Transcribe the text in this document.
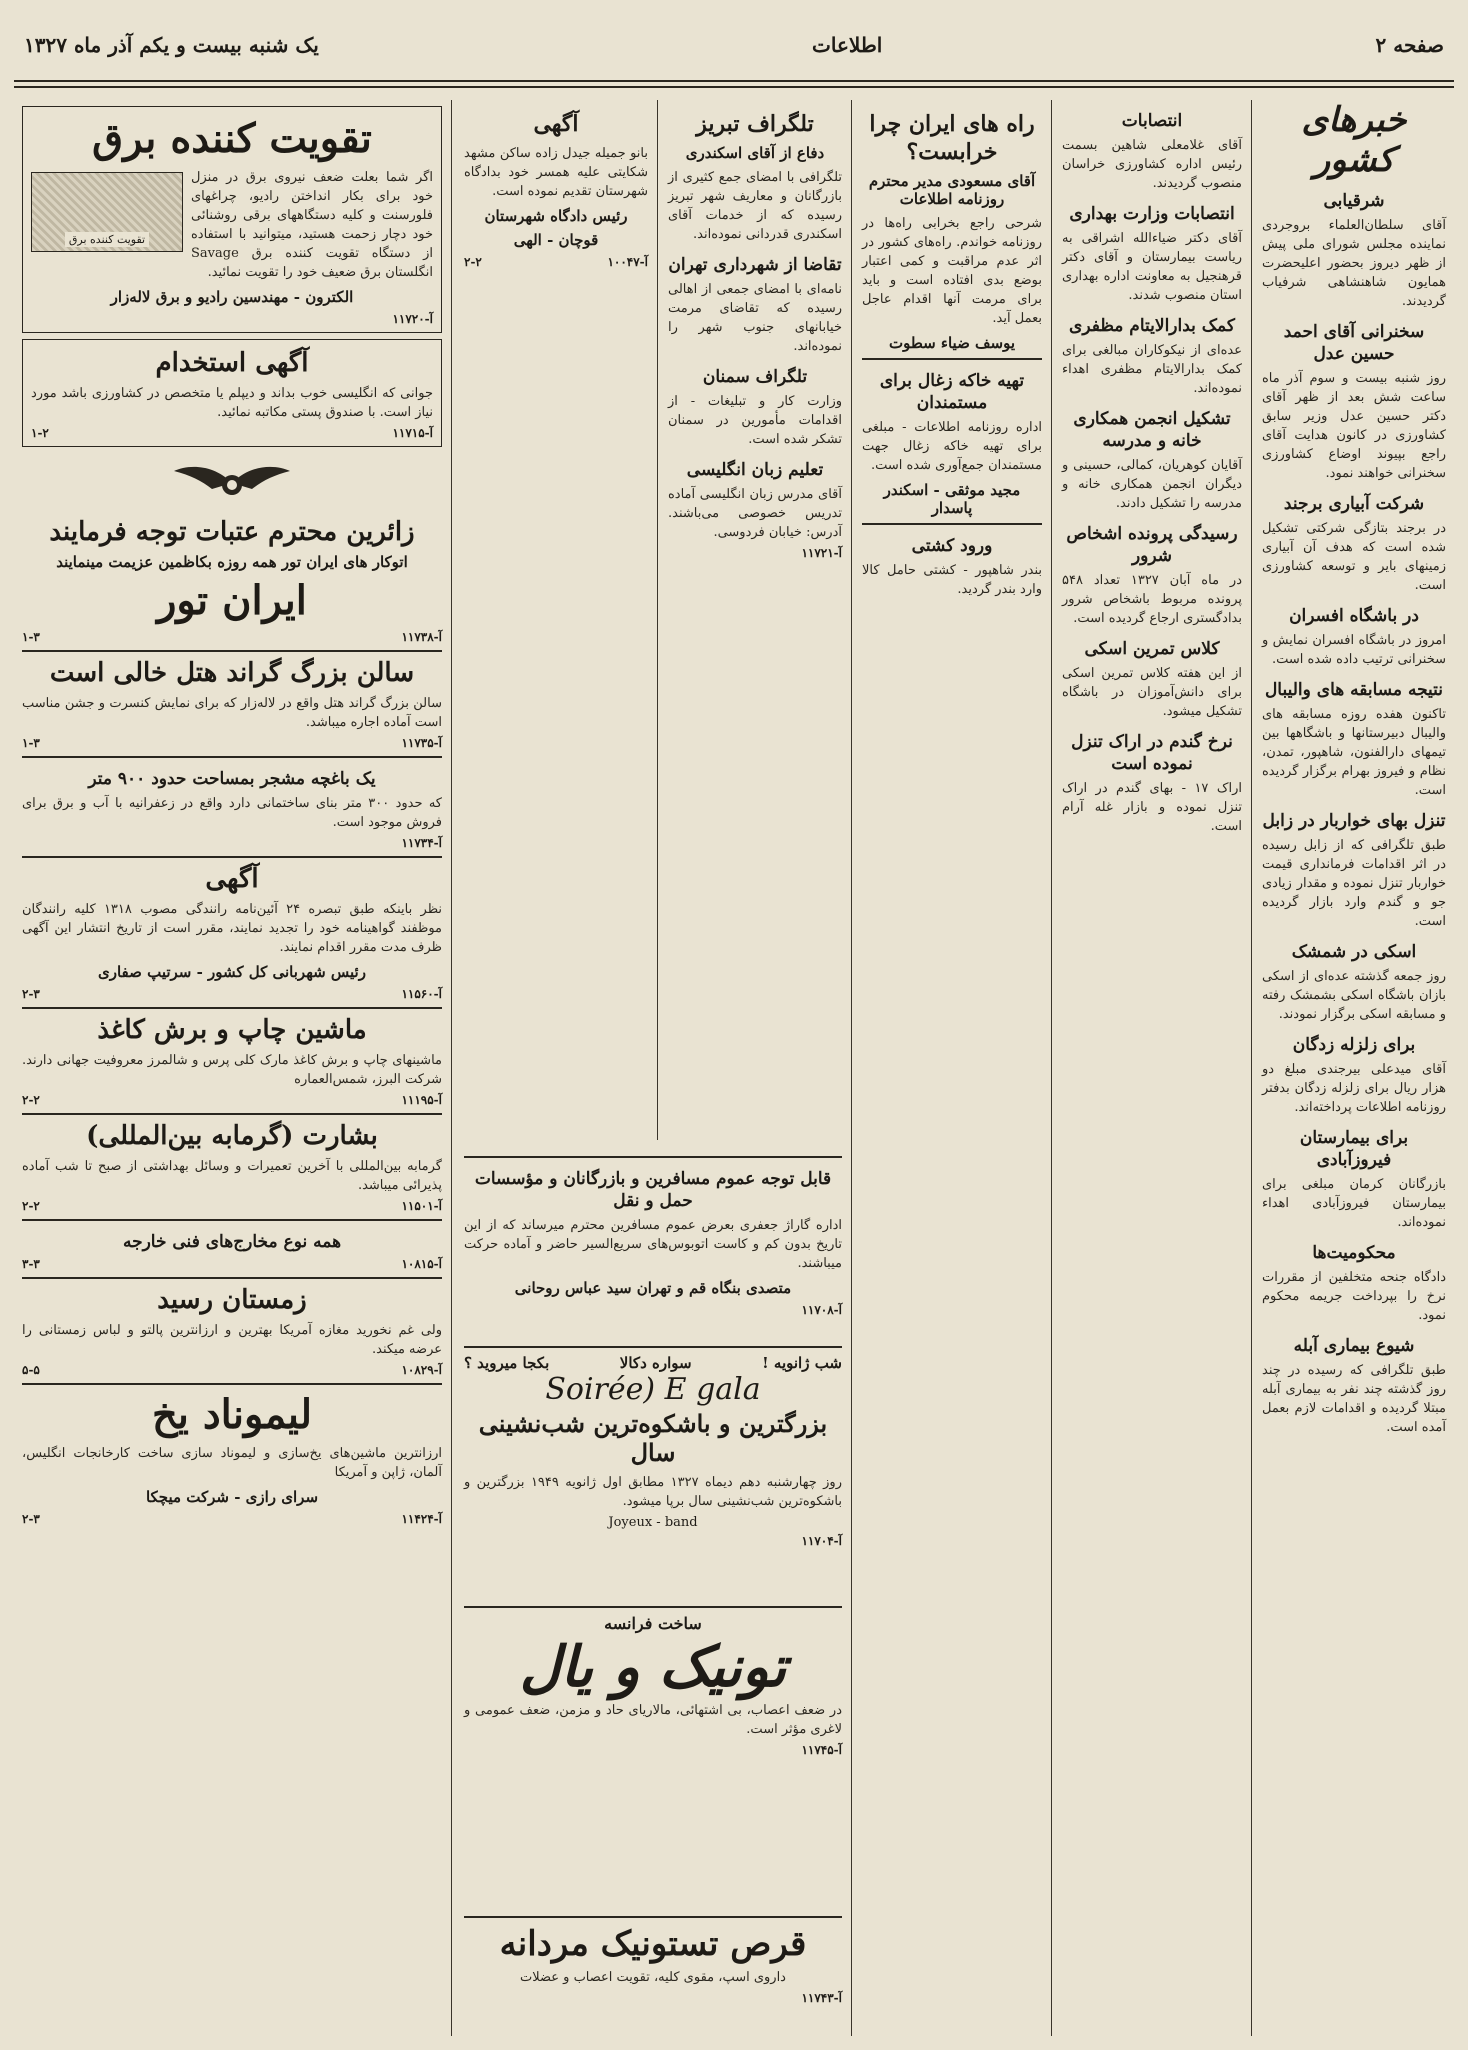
صفحه ۲
اطلاعات
یک شنبه بیست و یکم آذر ماه ۱۳۲۷
خبرهای کشور
شرقیابی

آقای سلطان‌العلماء بروجردی نماینده مجلس شورای ملی پیش از ظهر دیروز بحضور اعلیحضرت همایون شاهنشاهی شرفیاب گردیدند.

سخنرانی آقای احمد حسین عدل

روز شنبه بیست و سوم آذر ماه ساعت شش بعد از ظهر آقای دکتر حسین عدل وزیر سابق کشاورزی در کانون هدایت آقای راجع بپیوند اوضاع کشاورزی سخنرانی خواهند نمود.

شرکت آبیاری برجند

در برجند بتازگی شرکتی تشکیل شده است که هدف آن آبیاری زمینهای بایر و توسعه کشاورزی است.

در باشگاه افسران

امروز در باشگاه افسران نمایش و سخنرانی ترتیب داده شده است.

نتیجه مسابقه های والیبال

تاکنون هفده روزه مسابقه های والیبال دبیرستانها و باشگاهها بین تیمهای دارالفنون، شاهپور، تمدن، نظام و فیروز بهرام برگزار گردیده است.

تنزل بهای خواربار در زابل

طبق تلگرافی که از زابل رسیده در اثر اقدامات فرمانداری قیمت خواربار تنزل نموده و مقدار زیادی جو و گندم وارد بازار گردیده است.

اسکی در شمشک

روز جمعه گذشته عده‌ای از اسکی بازان باشگاه اسکی بشمشک رفته و مسابقه اسکی برگزار نمودند.

برای زلزله زدگان

آقای میدعلی بیرجندی مبلغ دو هزار ریال برای زلزله زدگان بدفتر روزنامه اطلاعات پرداخته‌اند.

برای بیمارستان فیروزآبادی

بازرگانان کرمان مبلغی برای بیمارستان فیروزآبادی اهداء نموده‌اند.

محکومیت‌ها

دادگاه جنحه متخلفین از مقررات نرخ را بپرداخت جریمه محکوم نمود.

شیوع بیماری آبله

طبق تلگرافی که رسیده در چند روز گذشته چند نفر به بیماری آبله مبتلا گردیده و اقدامات لازم بعمل آمده است.

انتصابات

آقای غلامعلی شاهین بسمت رئیس اداره کشاورزی خراسان منصوب گردیدند.

انتصابات وزارت بهداری

آقای دکتر ضیاءالله اشراقی به ریاست بیمارستان و آقای دکتر قرهنجیل به معاونت اداره بهداری استان منصوب شدند.

کمک بدارالایتام مظفری

عده‌ای از نیکوکاران مبالغی برای کمک بدارالایتام مظفری اهداء نموده‌اند.

تشکیل انجمن همکاری خانه و مدرسه

آقایان کوهریان، کمالی، حسینی و دیگران انجمن همکاری خانه و مدرسه را تشکیل دادند.

رسیدگی پرونده اشخاص شرور

در ماه آبان ۱۳۲۷ تعداد ۵۴۸ پرونده مربوط باشخاص شرور بدادگستری ارجاع گردیده است.

کلاس تمرین اسکی

از این هفته کلاس تمرین اسکی برای دانش‌آموزان در باشگاه تشکیل میشود.

نرخ گندم در اراک تنزل نموده است

اراک ۱۷ - بهای گندم در اراک تنزل نموده و بازار غله آرام است.

راه های ایران چرا خرابست؟
آقای مسعودی مدیر محترم روزنامه اطلاعات

شرحی راجع بخرابی راه‌ها در روزنامه خواندم. راه‌های کشور در اثر عدم مراقبت و کمی اعتبار بوضع بدی افتاده است و باید برای مرمت آنها اقدام عاجل بعمل آید.

یوسف ضیاء سطوت
تهیه خاکه زغال برای مستمندان

اداره روزنامه اطلاعات - مبلغی برای تهیه خاکه زغال جهت مستمندان جمع‌آوری شده است.

مجید موثقی - اسکندر پاسدار
ورود کشتی

بندر شاهپور - کشتی حامل کالا وارد بندر گردید.

تلگراف تبریز
دفاع از آقای اسکندری

تلگرافی با امضای جمع کثیری از بازرگانان و معاریف شهر تبریز رسیده که از خدمات آقای اسکندری قدردانی نموده‌اند.

تقاضا از شهرداری تهران

نامه‌ای با امضای جمعی از اهالی رسیده که تقاضای مرمت خیابانهای جنوب شهر را نموده‌اند.

تلگراف سمنان

وزارت کار و تبلیغات - از اقدامات مأمورین در سمنان تشکر شده است.

تعلیم زبان انگلیسی

آقای مدرس زبان انگلیسی آماده تدریس خصوصی می‌باشند. آدرس: خیابان فردوسی.

آ-۱۱۷۲۱
آگهی

بانو جمیله جیدل زاده ساکن مشهد شکایتی علیه همسر خود بدادگاه شهرستان تقدیم نموده است.

رئیس دادگاه شهرستان
قوچان - الهی
آ-۱۰۰۴۷
۲-۲
قابل توجه عموم مسافرین و بازرگانان و مؤسسات حمل و نقل

اداره گاراژ جعفری بعرض عموم مسافرین محترم میرساند که از این تاریخ بدون کم و کاست اتوبوس‌های سریع‌السیر حاضر و آماده حرکت میباشند.

متصدی بنگاه قم و تهران سید عباس روحانی
آ-۱۱۷۰۸
شب ژانویه !
سواره دکالا
بکجا میروید ؟
Soirée) E gala
بزرگترین و باشکوه‌ترین شب‌نشینی سال

روز چهارشنبه دهم دیماه ۱۳۲۷ مطابق اول ژانویه ۱۹۴۹ بزرگترین و باشکوه‌ترین شب‌نشینی سال برپا میشود.

Joyeux - band
آ-۱۱۷۰۴
ساخت فرانسه
تونیک و یال

در ضعف اعصاب، بی اشتهائی، مالاریای حاد و مزمن، ضعف عمومی و لاغری مؤثر است.

آ-۱۱۷۴۵
قرص تستونیک مردانه

داروی اسپ، مقوی کلیه، تقویت اعصاب و عضلات

آ-۱۱۷۴۳
تقویت کننده برق
تقویت کننده برق

اگر شما بعلت ضعف نیروی برق در منزل خود برای بکار انداختن رادیو، چراغهای فلورسنت و کلیه دستگاههای برقی روشنائی خود دچار زحمت هستید، میتوانید با استفاده از دستگاه تقویت کننده برق Savage انگلستان برق ضعیف خود را تقویت نمائید.

الکترون - مهندسین رادیو و برق لاله‌زار
آ-۱۱۷۲۰
آگهی استخدام

جوانی که انگلیسی خوب بداند و دیپلم یا متخصص در کشاورزی باشد مورد نیاز است. با صندوق پستی مکاتبه نمائید.

آ-۱۱۷۱۵
۱-۲
زائرین محترم عتبات توجه فرمایند
اتوکار های ایران تور همه روزه بکاظمین عزیمت مینمایند
ایران تور
آ-۱۱۷۳۸
۱-۳
سالن بزرگ گراند هتل خالی است

سالن بزرگ گراند هتل واقع در لاله‌زار که برای نمایش کنسرت و جشن مناسب است آماده اجاره میباشد.

آ-۱۱۷۳۵
۱-۳
یک باغچه مشجر بمساحت حدود ۹۰۰ متر

که حدود ۳۰۰ متر بنای ساختمانی دارد واقع در زعفرانیه با آب و برق برای فروش موجود است.

آ-۱۱۷۳۴
آگهی

نظر باینکه طبق تبصره ۲۴ آئین‌نامه رانندگی مصوب ۱۳۱۸ کلیه رانندگان موظفند گواهینامه خود را تجدید نمایند، مقرر است از تاریخ انتشار این آگهی ظرف مدت مقرر اقدام نمایند.

رئیس شهربانی کل کشور - سرتیپ صفاری
آ-۱۱۵۶۰
۲-۳
ماشین چاپ و برش کاغذ

ماشینهای چاپ و برش کاغذ مارک کلی پرس و شالمرز معروفیت جهانی دارند. شرکت البرز، شمس‌العماره

آ-۱۱۱۹۵
۲-۲
بشارت (گرمابه بین‌المللی)

گرمابه بین‌المللی با آخرین تعمیرات و وسائل بهداشتی از صبح تا شب آماده پذیرائی میباشد.

آ-۱۱۵۰۱
۲-۲
همه نوع مخارج‌های فنی خارجه
آ-۱۰۸۱۵
۳-۳
زمستان رسید

ولی غم نخورید مغازه آمریکا بهترین و ارزانترین پالتو و لباس زمستانی را عرضه میکند.

آ-۱۰۸۲۹
۵-۵
لیموناد یخ

ارزانترین ماشین‌های یخ‌سازی و لیموناد سازی ساخت کارخانجات انگلیس، آلمان، ژاپن و آمریکا

سرای رازی - شرکت میچکا
آ-۱۱۴۲۴
۲-۳
